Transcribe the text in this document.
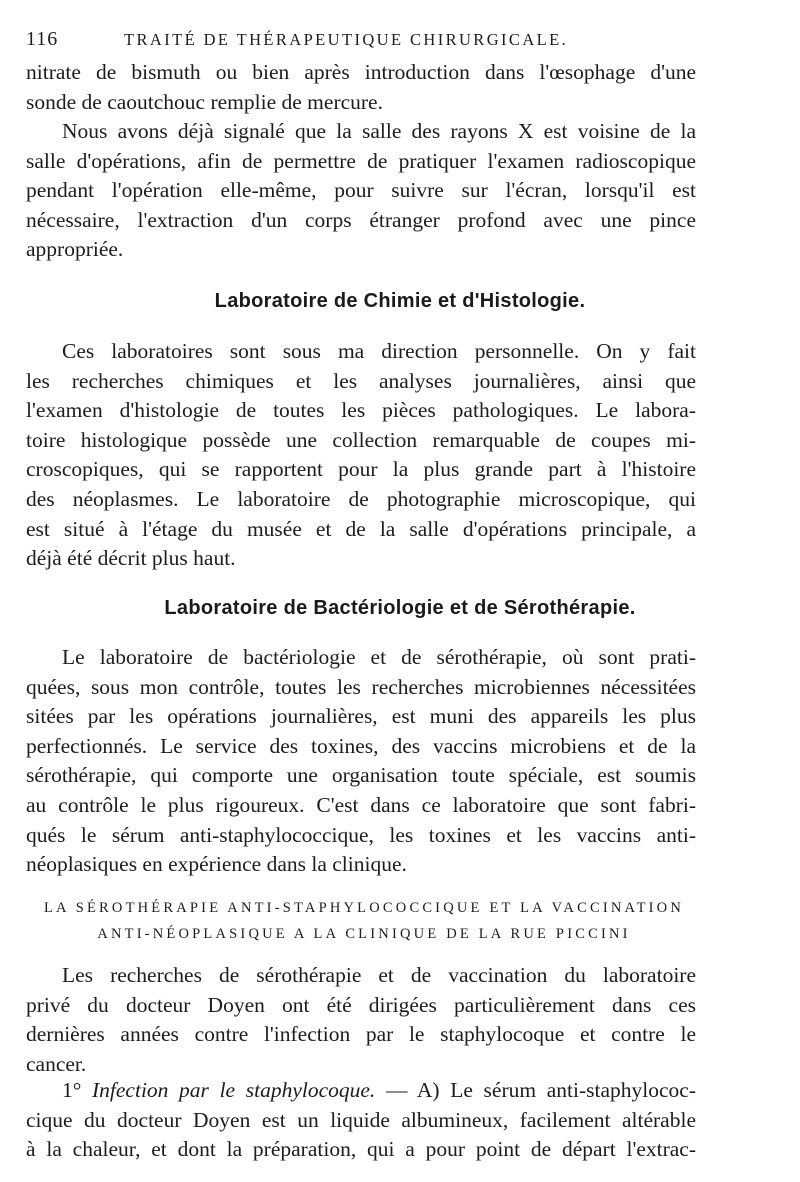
116	TRAITÉ DE THÉRAPEUTIQUE CHIRURGICALE.
nitrate de bismuth ou bien après introduction dans l'œsophage d'une
sonde de caoutchouc remplie de mercure.
Nous avons déjà signalé que la salle des rayons X est voisine de la
salle d'opérations, afin de permettre de pratiquer l'examen radioscopique
pendant l'opération elle-même, pour suivre sur l'écran, lorsqu'il est
nécessaire, l'extraction d'un corps étranger profond avec une pince
appropriée.
Laboratoire de Chimie et d'Histologie.
Ces laboratoires sont sous ma direction personnelle. On y fait
les recherches chimiques et les analyses journalières, ainsi que
l'examen d'histologie de toutes les pièces pathologiques. Le labora-
toire histologique possède une collection remarquable de coupes mi-
croscopiques, qui se rapportent pour la plus grande part à l'histoire
des néoplasmes. Le laboratoire de photographie microscopique, qui
est situé à l'étage du musée et de la salle d'opérations principale, a
déjà été décrit plus haut.
Laboratoire de Bactériologie et de Sérothérapie.
Le laboratoire de bactériologie et de sérothérapie, où sont prati-
quées, sous mon contrôle, toutes les recherches microbiennes nécessitées
sitées par les opérations journalières, est muni des appareils les plus
perfectionnés. Le service des toxines, des vaccins microbiens et de la
sérothérapie, qui comporte une organisation toute spéciale, est soumis
au contrôle le plus rigoureux. C'est dans ce laboratoire que sont fabri-
qués le sérum anti-staphylococcique, les toxines et les vaccins anti-
néoplasiques en expérience dans la clinique.
LA SÉROTHÉRAPIE ANTI-STAPHYLOCOCCIQUE ET LA VACCINATION
ANTI-NÉOPLASIQUE A LA CLINIQUE DE LA RUE PICCINI
Les recherches de sérothérapie et de vaccination du laboratoire
privé du docteur Doyen ont été dirigées particulièrement dans ces
dernières années contre l'infection par le staphylocoque et contre le
cancer.
1° Infection par le staphylocoque. — A) Le sérum anti-staphylococ-
cique du docteur Doyen est un liquide albumineux, facilement altérable
à la chaleur, et dont la préparation, qui a pour point de départ l'extrac-
